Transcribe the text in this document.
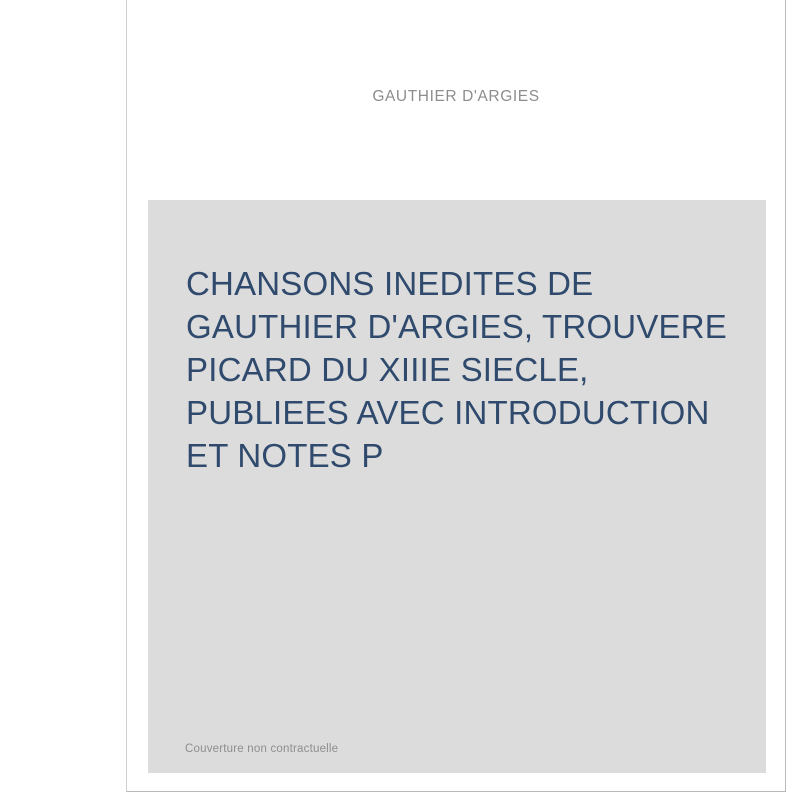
GAUTHIER D'ARGIES
CHANSONS INEDITES DE GAUTHIER D'ARGIES, TROUVERE PICARD DU XIIIE SIECLE, PUBLIEES AVEC INTRODUCTION ET NOTES P
Couverture non contractuelle
